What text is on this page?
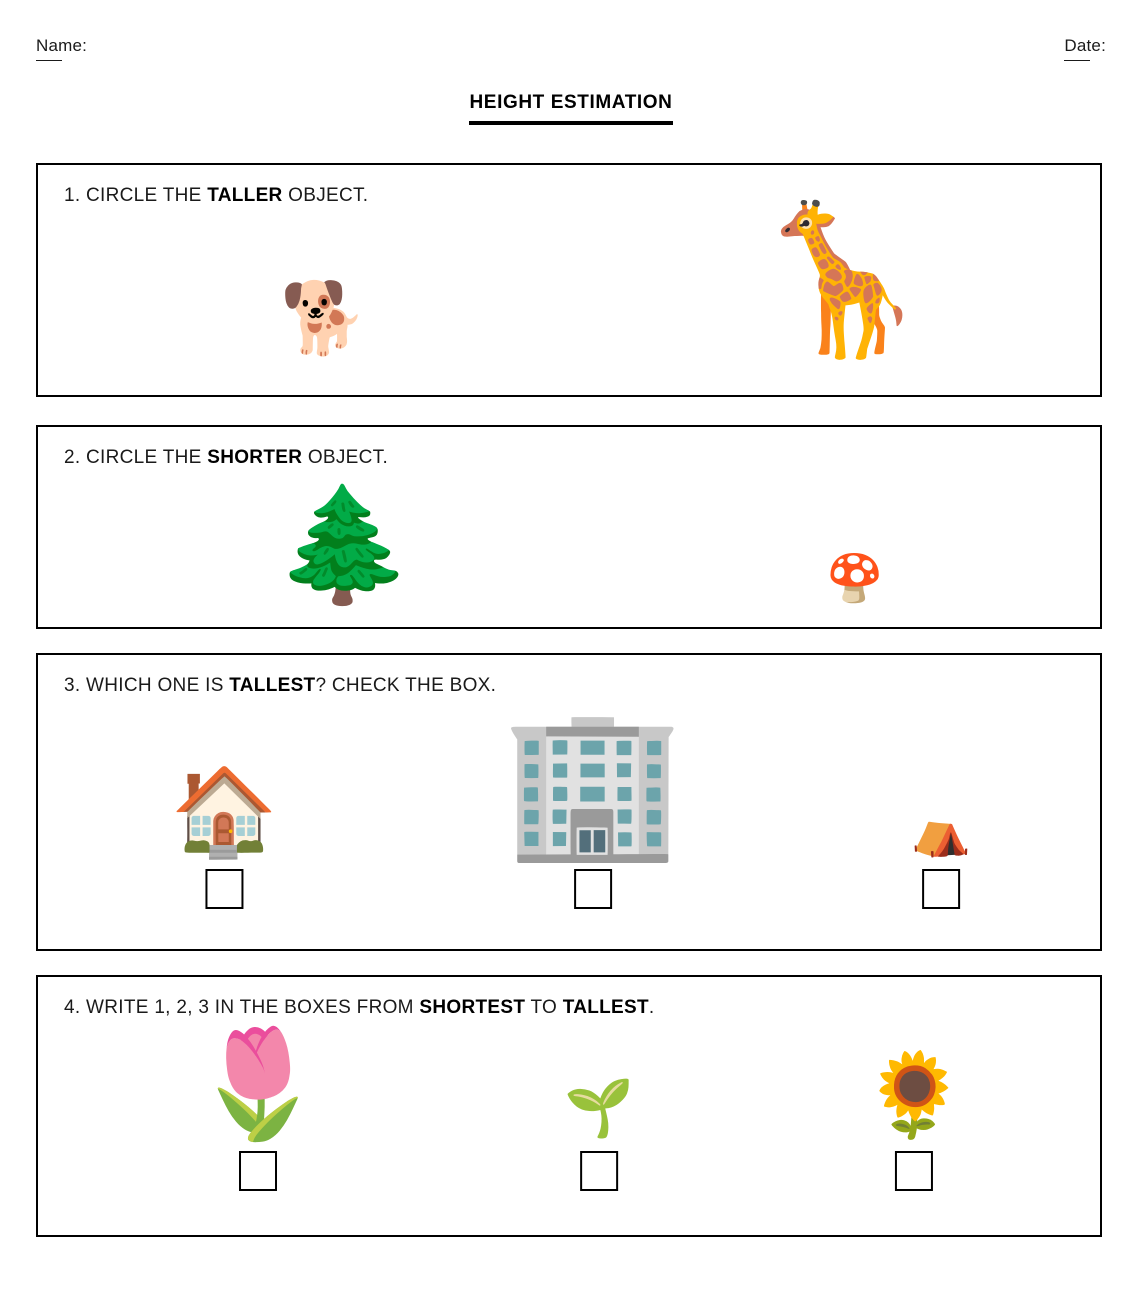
Name:	Date:
HEIGHT ESTIMATION
1. CIRCLE THE TALLER OBJECT.
🐕	🦒
2. CIRCLE THE SHORTER OBJECT.
🌲	🍄
3. WHICH ONE IS TALLEST? CHECK THE BOX.
🏠 🏢	⛺
4. WRITE 1, 2, 3 IN THE BOXES FROM SHORTEST TO TALLEST.
🌷	🌱	🌻
